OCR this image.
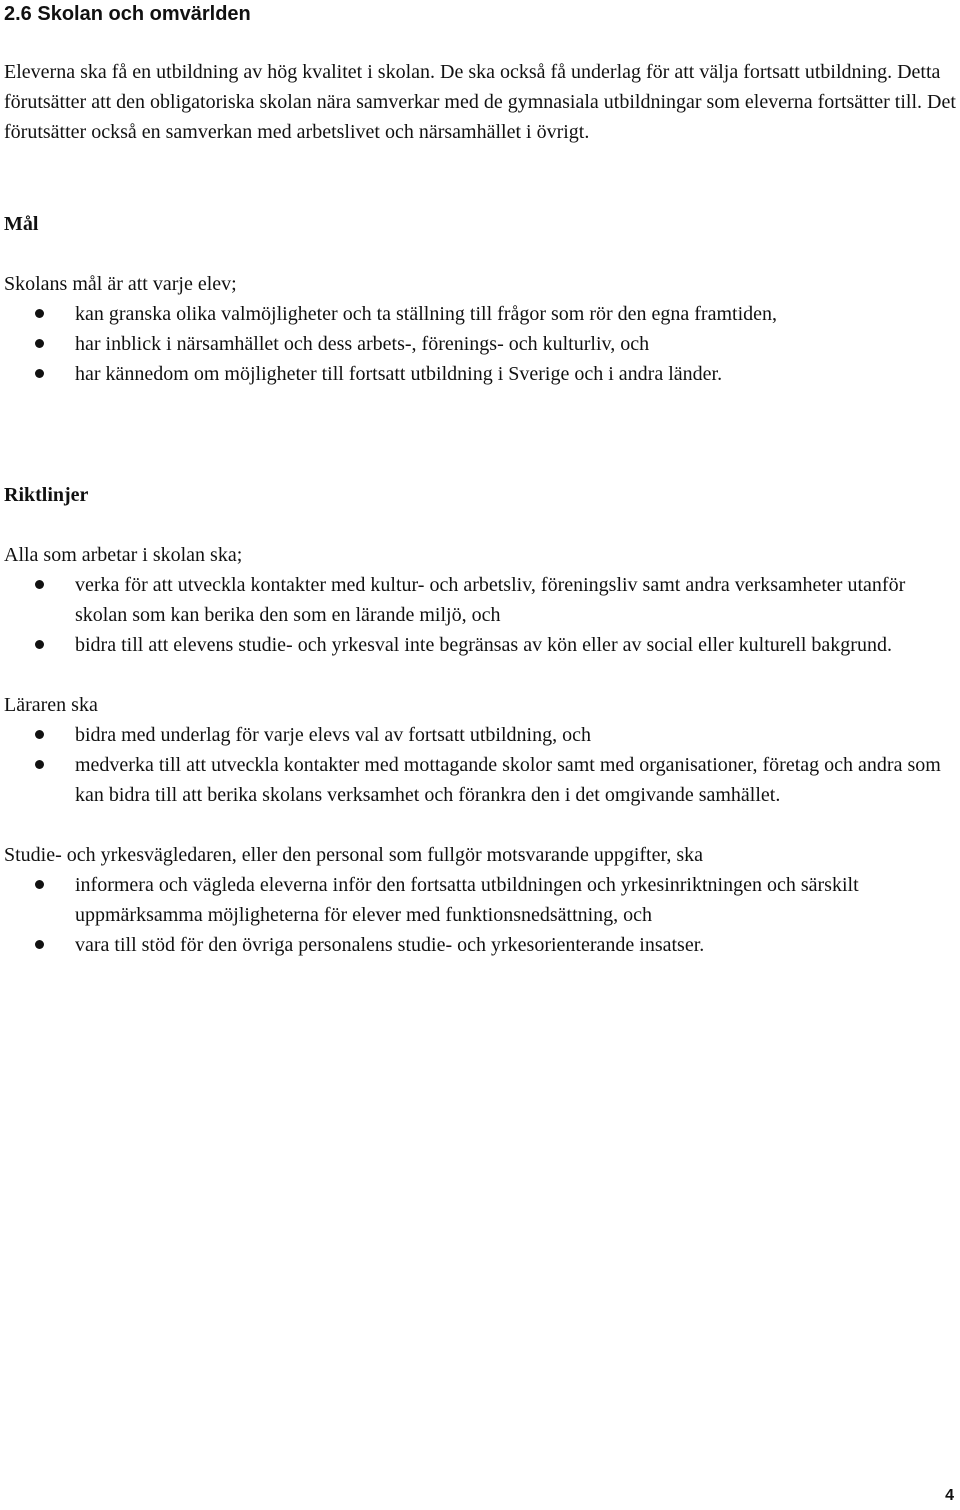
2.6 Skolan och omvärlden

Eleverna ska få en utbildning av hög kvalitet i skolan. De ska också få underlag för att välja fortsatt utbildning. Detta förutsätter att den obligatoriska skolan nära samverkar med de gymnasiala utbildningar som eleverna fortsätter till. Det förutsätter också en samverkan med arbetslivet och närsamhället i övrigt.

Mål

Skolans mål är att varje elev;

kan granska olika valmöjligheter och ta ställning till frågor som rör den egna framtiden,
har inblick i närsamhället och dess arbets-, förenings- och kulturliv, och
har kännedom om möjligheter till fortsatt utbildning i Sverige och i andra länder.

Riktlinjer

Alla som arbetar i skolan ska;

verka för att utveckla kontakter med kultur- och arbetsliv, föreningsliv samt andra verksamheter utanför skolan som kan berika den som en lärande miljö, och
bidra till att elevens studie- och yrkesval inte begränsas av kön eller av social eller kulturell bakgrund.

Läraren ska

bidra med underlag för varje elevs val av fortsatt utbildning, och
medverka till att utveckla kontakter med mottagande skolor samt med organisationer, företag och andra som kan bidra till att berika skolans verksamhet och förankra den i det omgivande samhället.

Studie- och yrkesvägledaren, eller den personal som fullgör motsvarande uppgifter, ska

informera och vägleda eleverna inför den fortsatta utbildningen och yrkesinriktningen och särskilt uppmärksamma möjligheterna för elever med funktionsnedsättning, och
vara till stöd för den övriga personalens studie- och yrkesorienterande insatser.
4
